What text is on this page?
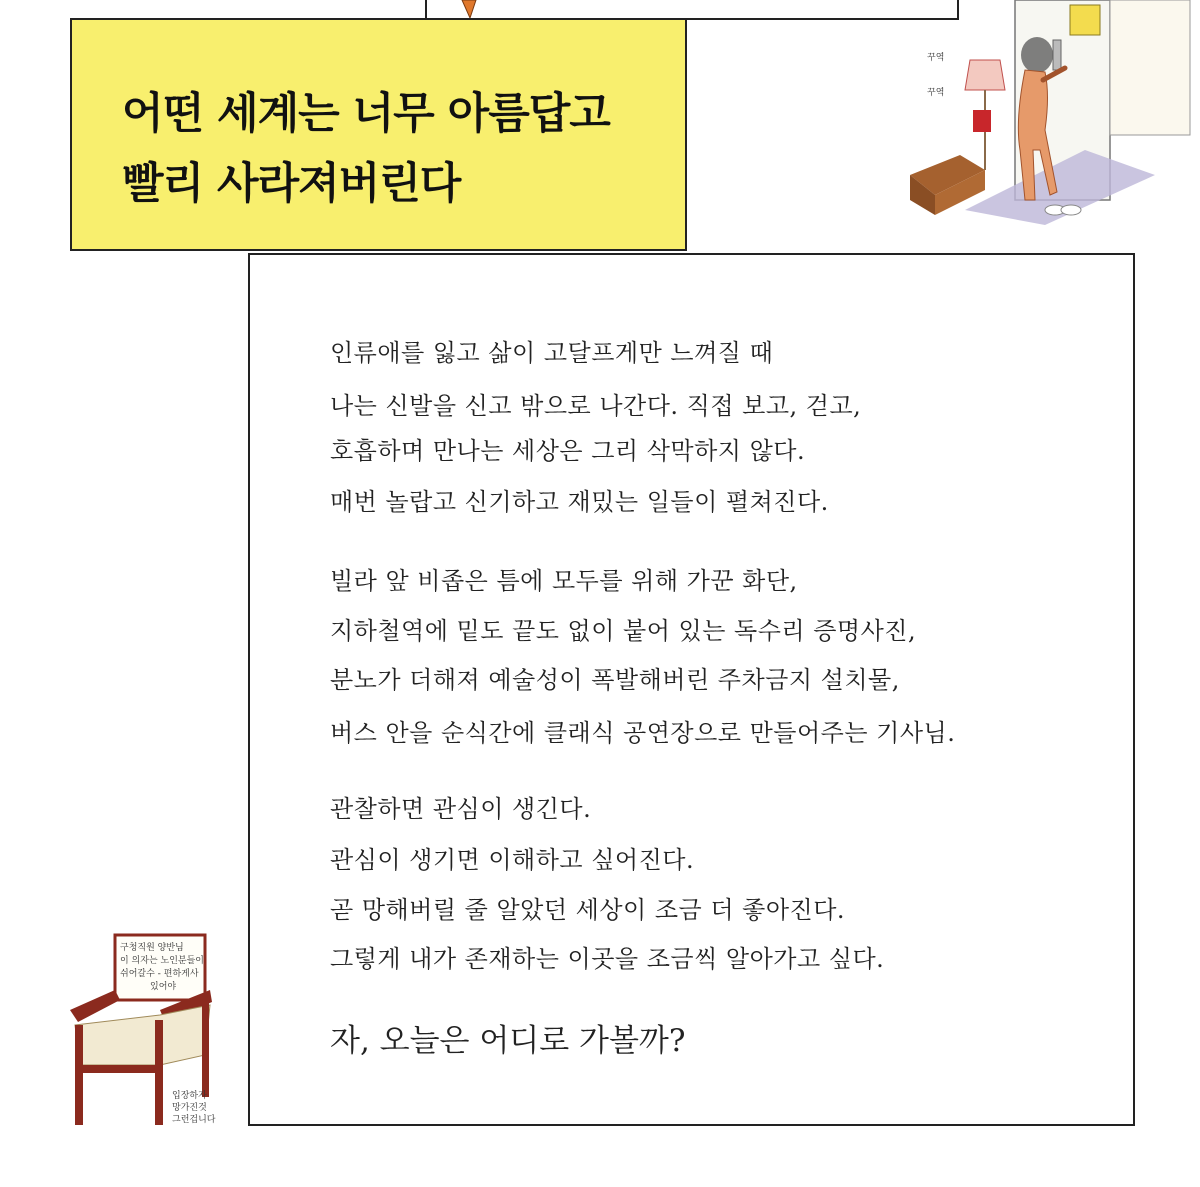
어떤 세계는 너무 아름답고
빨리 사라져버린다
꾸역
꾸역
인류애를 잃고 삶이 고달프게만 느껴질 때
나는 신발을 신고 밖으로 나간다. 직접 보고, 걷고,
호흡하며 만나는 세상은 그리 삭막하지 않다.
매번 놀랍고 신기하고 재밌는 일들이 펼쳐진다.
빌라 앞 비좁은 틈에 모두를 위해 가꾼 화단,
지하철역에 밑도 끝도 없이 붙어 있는 독수리 증명사진,
분노가 더해져 예술성이 폭발해버린 주차금지 설치물,
버스 안을 순식간에 클래식 공연장으로 만들어주는 기사님.
관찰하면 관심이 생긴다.
관심이 생기면 이해하고 싶어진다.
곧 망해버릴 줄 알았던 세상이 조금 더 좋아진다.
그렇게 내가 존재하는 이곳을 조금씩 알아가고 싶다.
자, 오늘은 어디로 가볼까?
구청직원 양반님
이 의자는 노인분들이
쉬어갈수 - 편하게사
있어야
입장하자
망가진것
그런겁니다
